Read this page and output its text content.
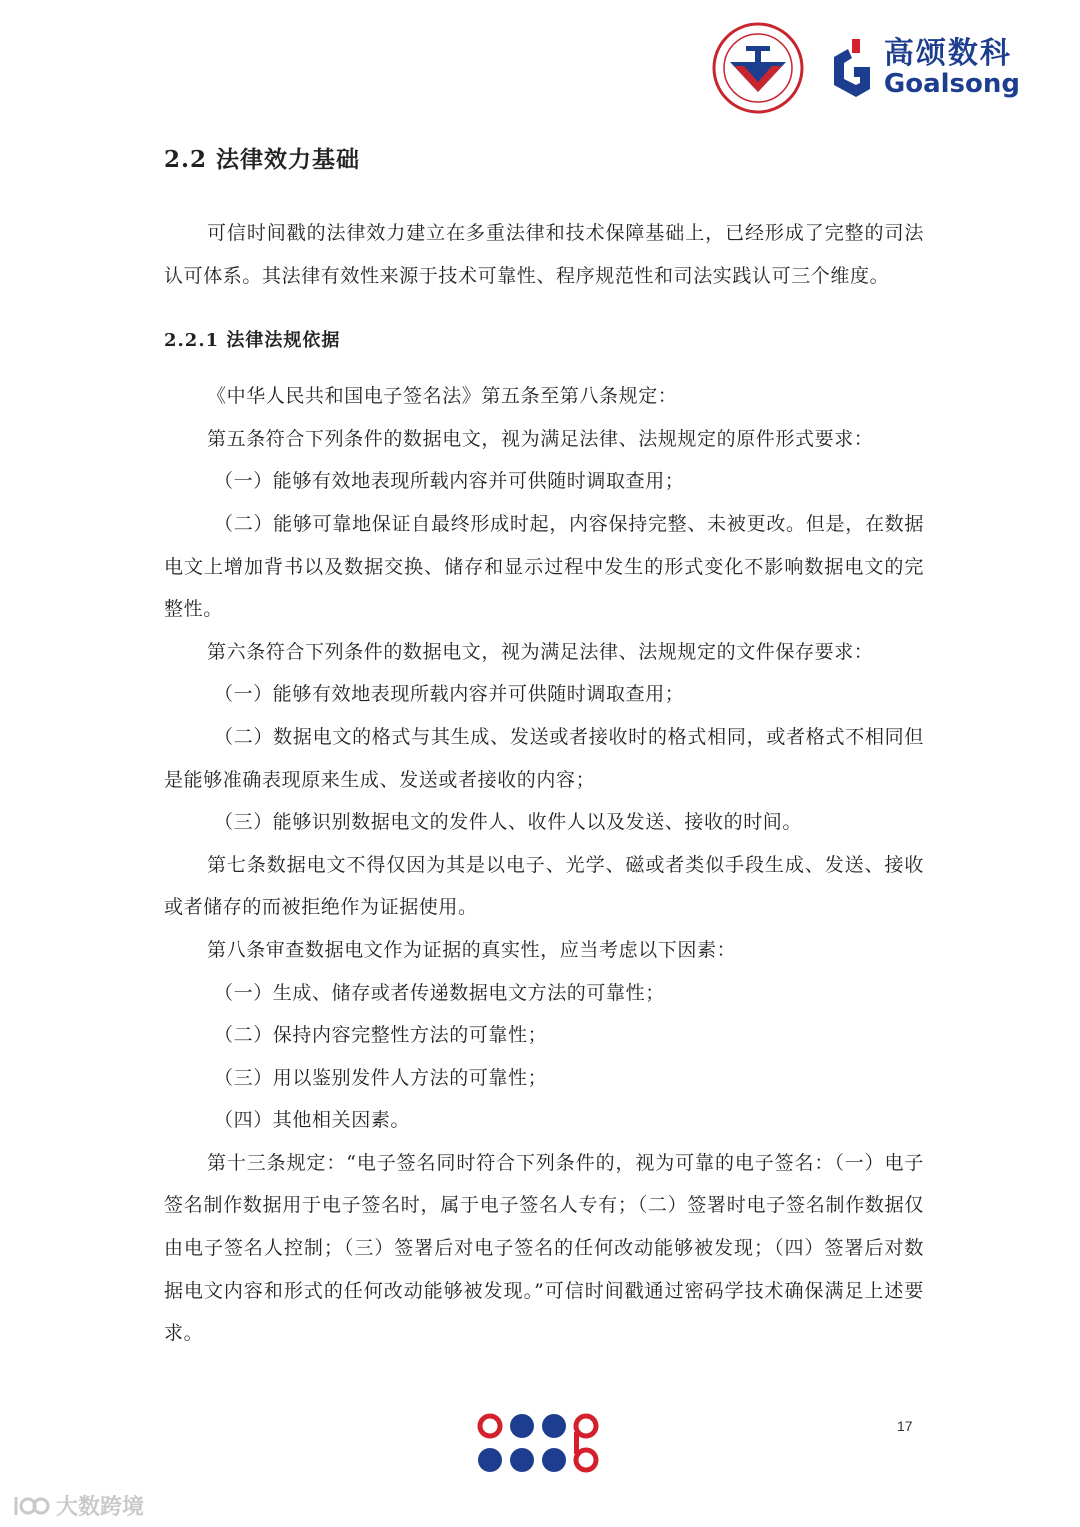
高颂数科
Goalsong
2.2 法律效力基础

可信时间戳的法律效力建立在多重法律和技术保障基础上，已经形成了完整的司法认可体系。其法律有效性来源于技术可靠性、程序规范性和司法实践认可三个维度。

2.2.1 法律法规依据

《中华人民共和国电子签名法》第五条至第八条规定：

第五条符合下列条件的数据电文，视为满足法律、法规规定的原件形式要求：

（一）能够有效地表现所载内容并可供随时调取查用；

（二）能够可靠地保证自最终形成时起，内容保持完整、未被更改。但是，在数据电文上增加背书以及数据交换、储存和显示过程中发生的形式变化不影响数据电文的完整性。

第六条符合下列条件的数据电文，视为满足法律、法规规定的文件保存要求：

（一）能够有效地表现所载内容并可供随时调取查用；

（二）数据电文的格式与其生成、发送或者接收时的格式相同，或者格式不相同但是能够准确表现原来生成、发送或者接收的内容；

（三）能够识别数据电文的发件人、收件人以及发送、接收的时间。

第七条数据电文不得仅因为其是以电子、光学、磁或者类似手段生成、发送、接收或者储存的而被拒绝作为证据使用。

第八条审查数据电文作为证据的真实性，应当考虑以下因素：

（一）生成、储存或者传递数据电文方法的可靠性；

（二）保持内容完整性方法的可靠性；

（三）用以鉴别发件人方法的可靠性；

（四）其他相关因素。

第十三条规定：“电子签名同时符合下列条件的，视为可靠的电子签名：（一）电子签名制作数据用于电子签名时，属于电子签名人专有；（二）签署时电子签名制作数据仅由电子签名人控制；（三）签署后对电子签名的任何改动能够被发现；（四）签署后对数据电文内容和形式的任何改动能够被发现。”可信时间戳通过密码学技术确保满足上述要求。

17
大数跨境
